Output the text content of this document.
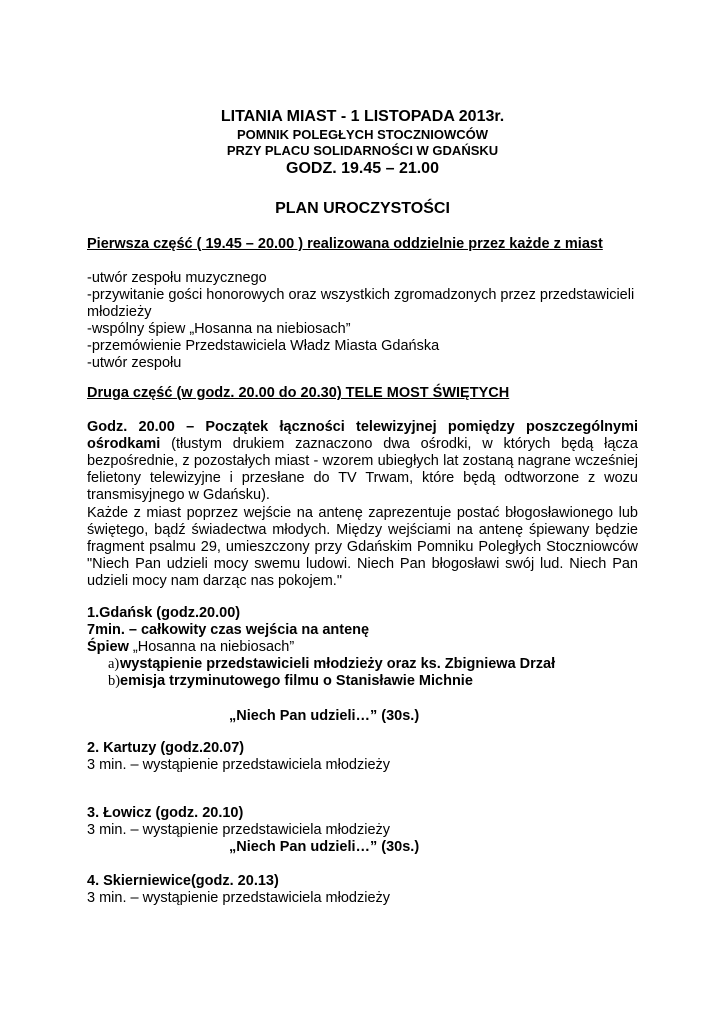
LITANIA MIAST - 1 LISTOPADA 2013r.
POMNIK POLEGŁYCH STOCZNIOWCÓW
PRZY PLACU SOLIDARNOŚCI W GDAŃSKU
GODZ. 19.45 – 21.00
PLAN UROCZYSTOŚCI
Pierwsza część ( 19.45 – 20.00 ) realizowana oddzielnie przez każde z miast
-utwór zespołu muzycznego
-przywitanie gości honorowych oraz wszystkich zgromadzonych przez przedstawicieli
młodzieży
-wspólny śpiew „Hosanna na niebiosach”
-przemówienie Przedstawiciela Władz Miasta Gdańska
-utwór zespołu
Druga część (w godz. 20.00 do 20.30) TELE MOST ŚWIĘTYCH
Godz. 20.00 – Początek łączności telewizyjnej pomiędzy poszczególnymi ośrodkami (tłustym drukiem zaznaczono dwa ośrodki, w których będą łącza bezpośrednie, z pozostałych miast - wzorem ubiegłych lat zostaną nagrane wcześniej felietony telewizyjne i przesłane do TV Trwam, które będą odtworzone z wozu transmisyjnego w Gdańsku).
Każde z miast poprzez wejście na antenę zaprezentuje postać błogosławionego lub świętego, bądź świadectwa młodych. Między wejściami na antenę śpiewany będzie fragment psalmu 29, umieszczony przy Gdańskim Pomniku Poległych Stoczniowców "Niech Pan udzieli mocy swemu ludowi. Niech Pan błogosławi swój lud. Niech Pan udzieli mocy nam darząc nas pokojem."
1.Gdańsk (godz.20.00)
7min. – całkowity czas wejścia na antenę
Śpiew „Hosanna na niebiosach”
a) wystąpienie przedstawicieli młodzieży oraz ks. Zbigniewa Drzał
b) emisja trzyminutowego filmu o Stanisławie Michnie
„Niech Pan udzieli…” (30s.)
2. Kartuzy (godz.20.07)
3 min. – wystąpienie przedstawiciela młodzieży
3. Łowicz (godz. 20.10)
3 min. – wystąpienie przedstawiciela młodzieży
„Niech Pan udzieli…” (30s.)
4. Skierniewice(godz. 20.13)
3 min. – wystąpienie przedstawiciela młodzieży
